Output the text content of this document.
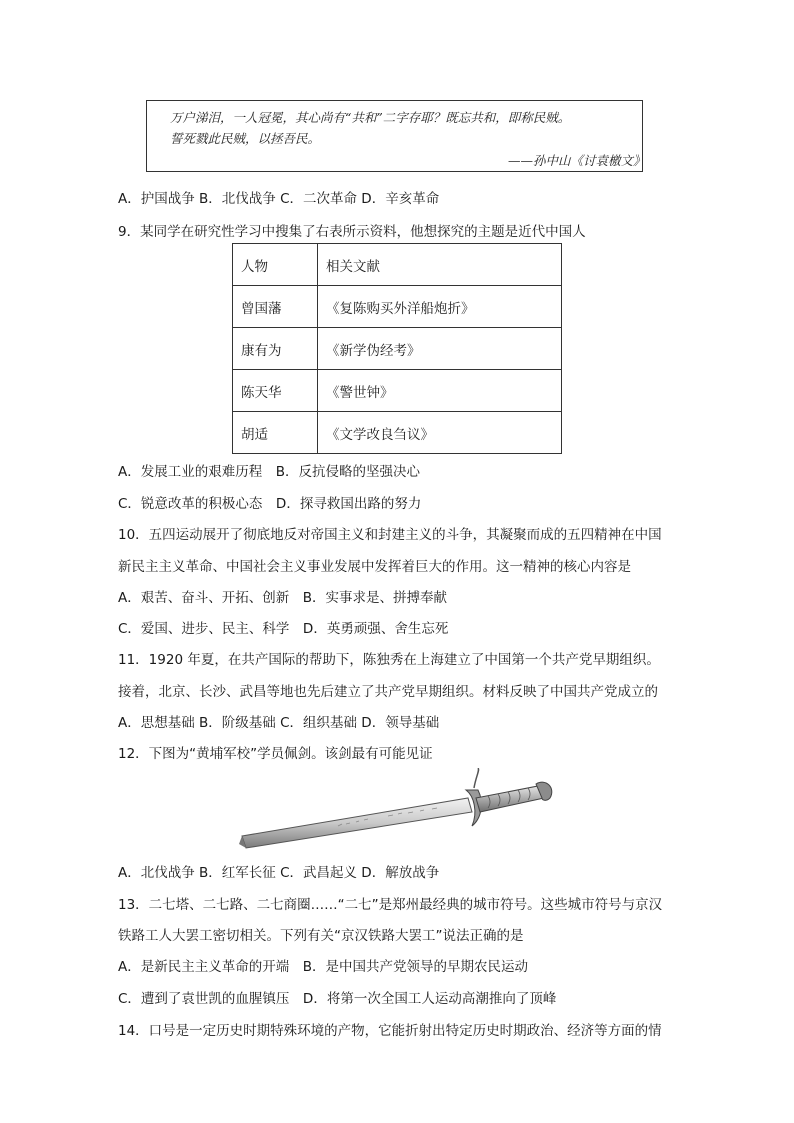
万户涕泪，一人冠冕，其心尚有“共和”二字存耶？既忘共和，即称民贼。
誓死戮此民贼，以拯吾民。
——孙中山《讨袁檄文》
A．护国战争 B．北伐战争 C．二次革命 D．辛亥革命
9．某同学在研究性学习中搜集了右表所示资料，他想探究的主题是近代中国人
人物	相关文献
曾国藩	《复陈购买外洋船炮折》
康有为	《新学伪经考》
陈天华	《警世钟》
胡适	《文学改良刍议》
A．发展工业的艰难历程　B．反抗侵略的坚强决心
C．锐意改革的积极心态　D．探寻救国出路的努力
10．五四运动展开了彻底地反对帝国主义和封建主义的斗争，其凝聚而成的五四精神在中国
新民主主义革命、中国社会主义事业发展中发挥着巨大的作用。这一精神的核心内容是
A．艰苦、奋斗、开拓、创新　B．实事求是、拼搏奉献
C．爱国、进步、民主、科学　D．英勇顽强、舍生忘死
11．1920 年夏，在共产国际的帮助下，陈独秀在上海建立了中国第一个共产党早期组织。
接着，北京、长沙、武昌等地也先后建立了共产党早期组织。材料反映了中国共产党成立的
A．思想基础 B．阶级基础 C．组织基础 D．领导基础
12．下图为“黄埔军校”学员佩剑。该剑最有可能见证
A．北伐战争 B．红军长征 C．武昌起义 D．解放战争
13．二七塔、二七路、二七商圈……“二七”是郑州最经典的城市符号。这些城市符号与京汉
铁路工人大罢工密切相关。下列有关“京汉铁路大罢工”说法正确的是
A．是新民主主义革命的开端　B．是中国共产党领导的早期农民运动
C．遭到了袁世凯的血腥镇压　D．将第一次全国工人运动高潮推向了顶峰
14．口号是一定历史时期特殊环境的产物，它能折射出特定历史时期政治、经济等方面的情
